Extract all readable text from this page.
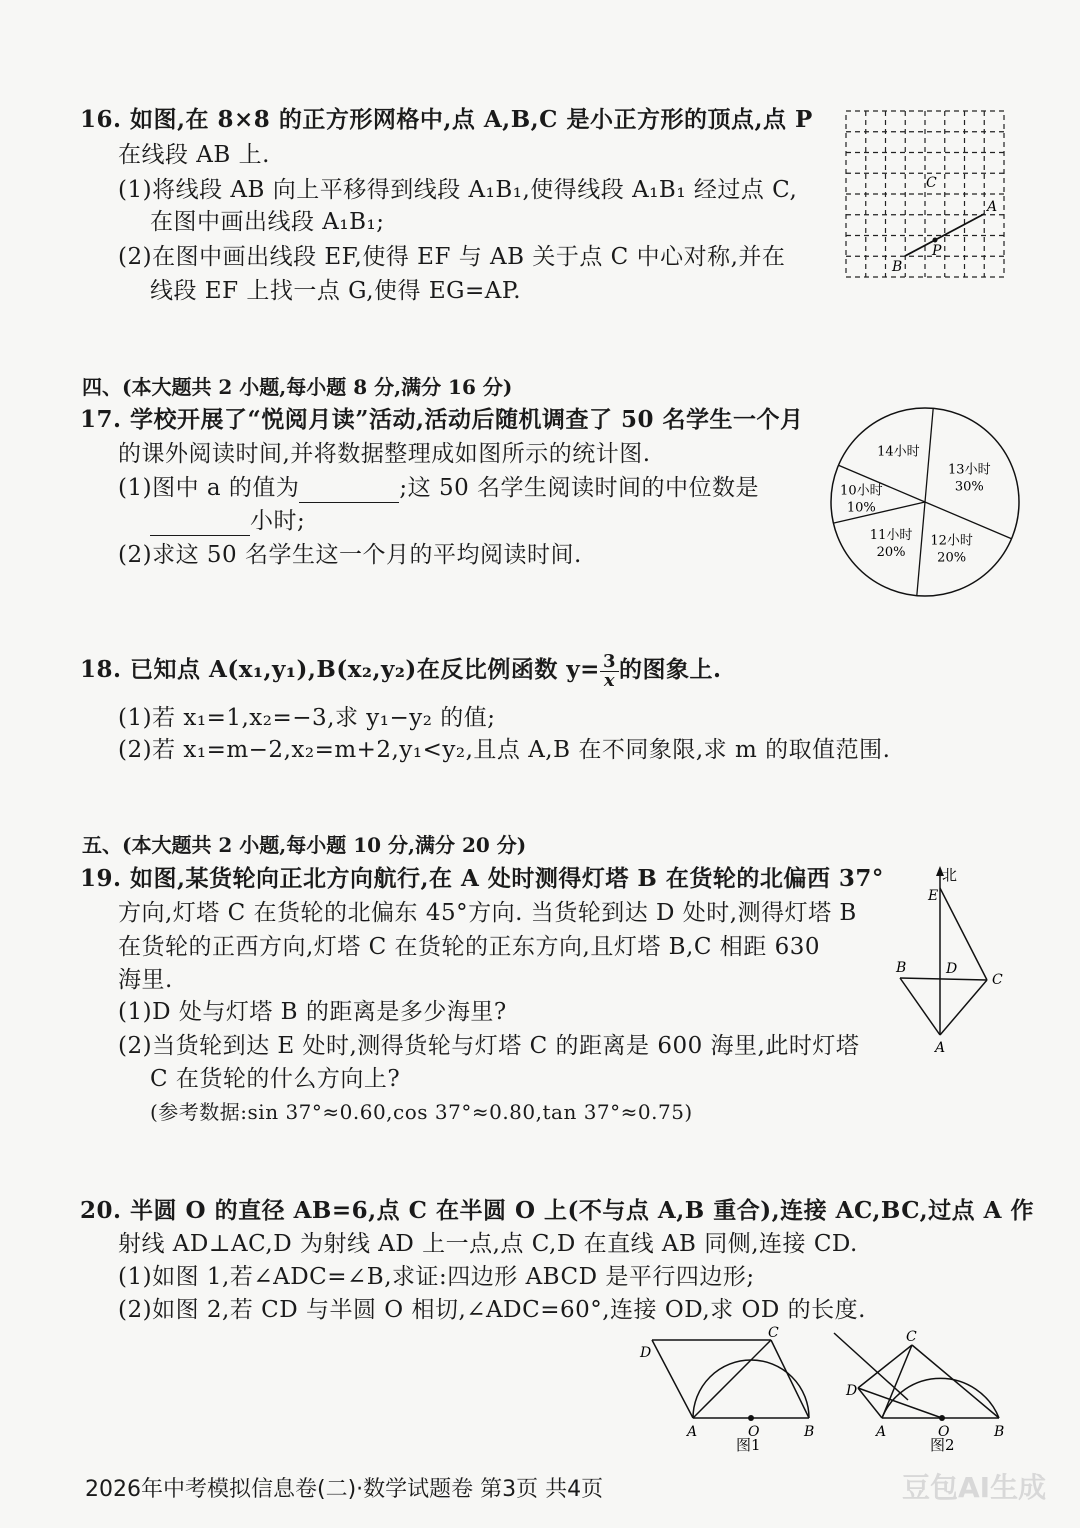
16. 如图,在 8×8 的正方形网格中,点 A,B,C 是小正方形的顶点,点 P
在线段 AB 上.
(1)将线段 AB 向上平移得到线段 A₁B₁,使得线段 A₁B₁ 经过点 C,
在图中画出线段 A₁B₁;
(2)在图中画出线段 EF,使得 EF 与 AB 关于点 C 中心对称,并在
线段 EF 上找一点 G,使得 EG=AP.
C
A
B
P
四、(本大题共 2 小题,每小题 8 分,满分 16 分)
17. 学校开展了“悦阅月读”活动,活动后随机调查了 50 名学生一个月
的课外阅读时间,并将数据整理成如图所示的统计图.
(1)图中 a 的值为	;这 50 名学生阅读时间的中位数是
小时;
(2)求这 50 名学生这一个月的平均阅读时间.
13小时
30%
12小时
20%
11小时
20%
10小时
10%
14小时
18. 已知点 A(x₁,y₁),B(x₂,y₂)在反比例函数 $y= \frac{3}{x}$ 的图象上.
(1)若 x₁=1,x₂=−3,求 y₁−y₂ 的值;
(2)若 x₁=m−2,x₂=m+2,y₁<y₂,且点 A,B 在不同象限,求 m 的取值范围.
五、(本大题共 2 小题,每小题 10 分,满分 20 分)
19. 如图,某货轮向正北方向航行,在 A 处时测得灯塔 B 在货轮的北偏西 37°
方向,灯塔 C 在货轮的北偏东 45°方向. 当货轮到达 D 处时,测得灯塔 B
在货轮的正西方向,灯塔 C 在货轮的正东方向,且灯塔 B,C 相距 630
海里.
(1)D 处与灯塔 B 的距离是多少海里?
(2)当货轮到达 E 处时,测得货轮与灯塔 C 的距离是 600 海里,此时灯塔
C 在货轮的什么方向上?
(参考数据:sin 37°≈0.60,cos 37°≈0.80,tan 37°≈0.75)
北
E
B	D
C
A
20. 半圆 O 的直径 AB=6,点 C 在半圆 O 上(不与点 A,B 重合),连接 AC,BC,过点 A 作
射线 AD⊥AC,D 为射线 AD 上一点,点 C,D 在直线 AB 同侧,连接 CD.
(1)如图 1,若∠ADC=∠B,求证:四边形 ABCD 是平行四边形;
(2)如图 2,若 CD 与半圆 O 相切,∠ADC=60°,连接 OD,求 OD 的长度.
D
C
A	O	B
图1
D
C
A	O	B
图2
2026年中考模拟信息卷(二)·数学试题卷 第3页 共4页	豆包AI生成
